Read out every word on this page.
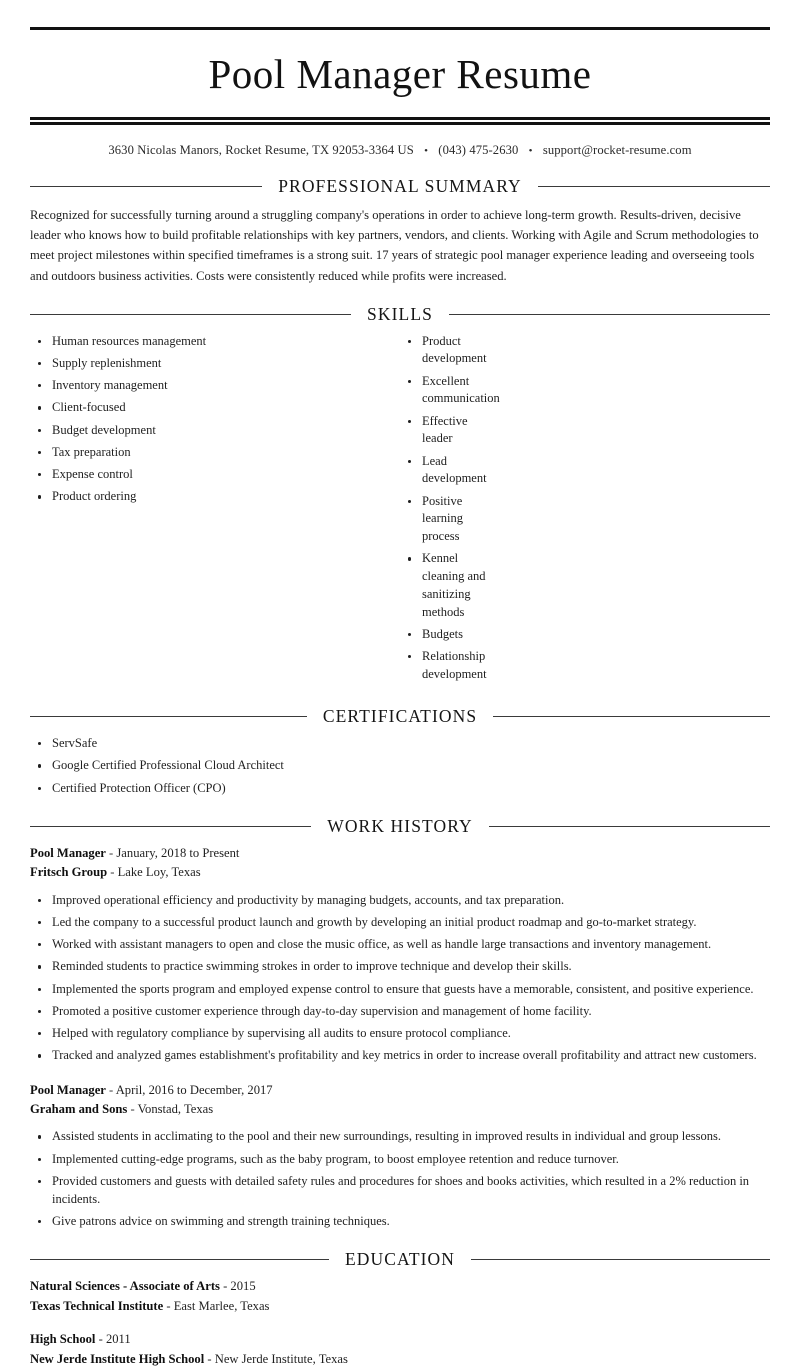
Pool Manager Resume
3630 Nicolas Manors, Rocket Resume, TX 92053-3364 US • (043) 475-2630 • support@rocket-resume.com
PROFESSIONAL SUMMARY

Recognized for successfully turning around a struggling company's operations in order to achieve long-term growth. Results-driven, decisive leader who knows how to build profitable relationships with key partners, vendors, and clients. Working with Agile and Scrum methodologies to meet project milestones within specified timeframes is a strong suit. 17 years of strategic pool manager experience leading and overseeing tools and outdoors business activities. Costs were consistently reduced while profits were increased.

SKILLS
Human resources management
Supply replenishment
Inventory management
Client-focused
Budget development
Tax preparation
Expense control
Product ordering
Product development
Excellent communication
Effective leader
Lead development
Positive learning process
Kennel cleaning and sanitizing methods
Budgets
Relationship development
CERTIFICATIONS
ServSafe
Google Certified Professional Cloud Architect
Certified Protection Officer (CPO)
WORK HISTORY
Pool Manager - January, 2018 to Present
Fritsch Group - Lake Loy, Texas
Improved operational efficiency and productivity by managing budgets, accounts, and tax preparation.
Led the company to a successful product launch and growth by developing an initial product roadmap and go-to-market strategy.
Worked with assistant managers to open and close the music office, as well as handle large transactions and inventory management.
Reminded students to practice swimming strokes in order to improve technique and develop their skills.
Implemented the sports program and employed expense control to ensure that guests have a memorable, consistent, and positive experience.
Promoted a positive customer experience through day-to-day supervision and management of home facility.
Helped with regulatory compliance by supervising all audits to ensure protocol compliance.
Tracked and analyzed games establishment's profitability and key metrics in order to increase overall profitability and attract new customers.
Pool Manager - April, 2016 to December, 2017
Graham and Sons - Vonstad, Texas
Assisted students in acclimating to the pool and their new surroundings, resulting in improved results in individual and group lessons.
Implemented cutting-edge programs, such as the baby program, to boost employee retention and reduce turnover.
Provided customers and guests with detailed safety rules and procedures for shoes and books activities, which resulted in a 2% reduction in incidents.
Give patrons advice on swimming and strength training techniques.
EDUCATION
Natural Sciences - Associate of Arts - 2015
Texas Technical Institute - East Marlee, Texas
High School - 2011
New Jerde Institute High School - New Jerde Institute, Texas
